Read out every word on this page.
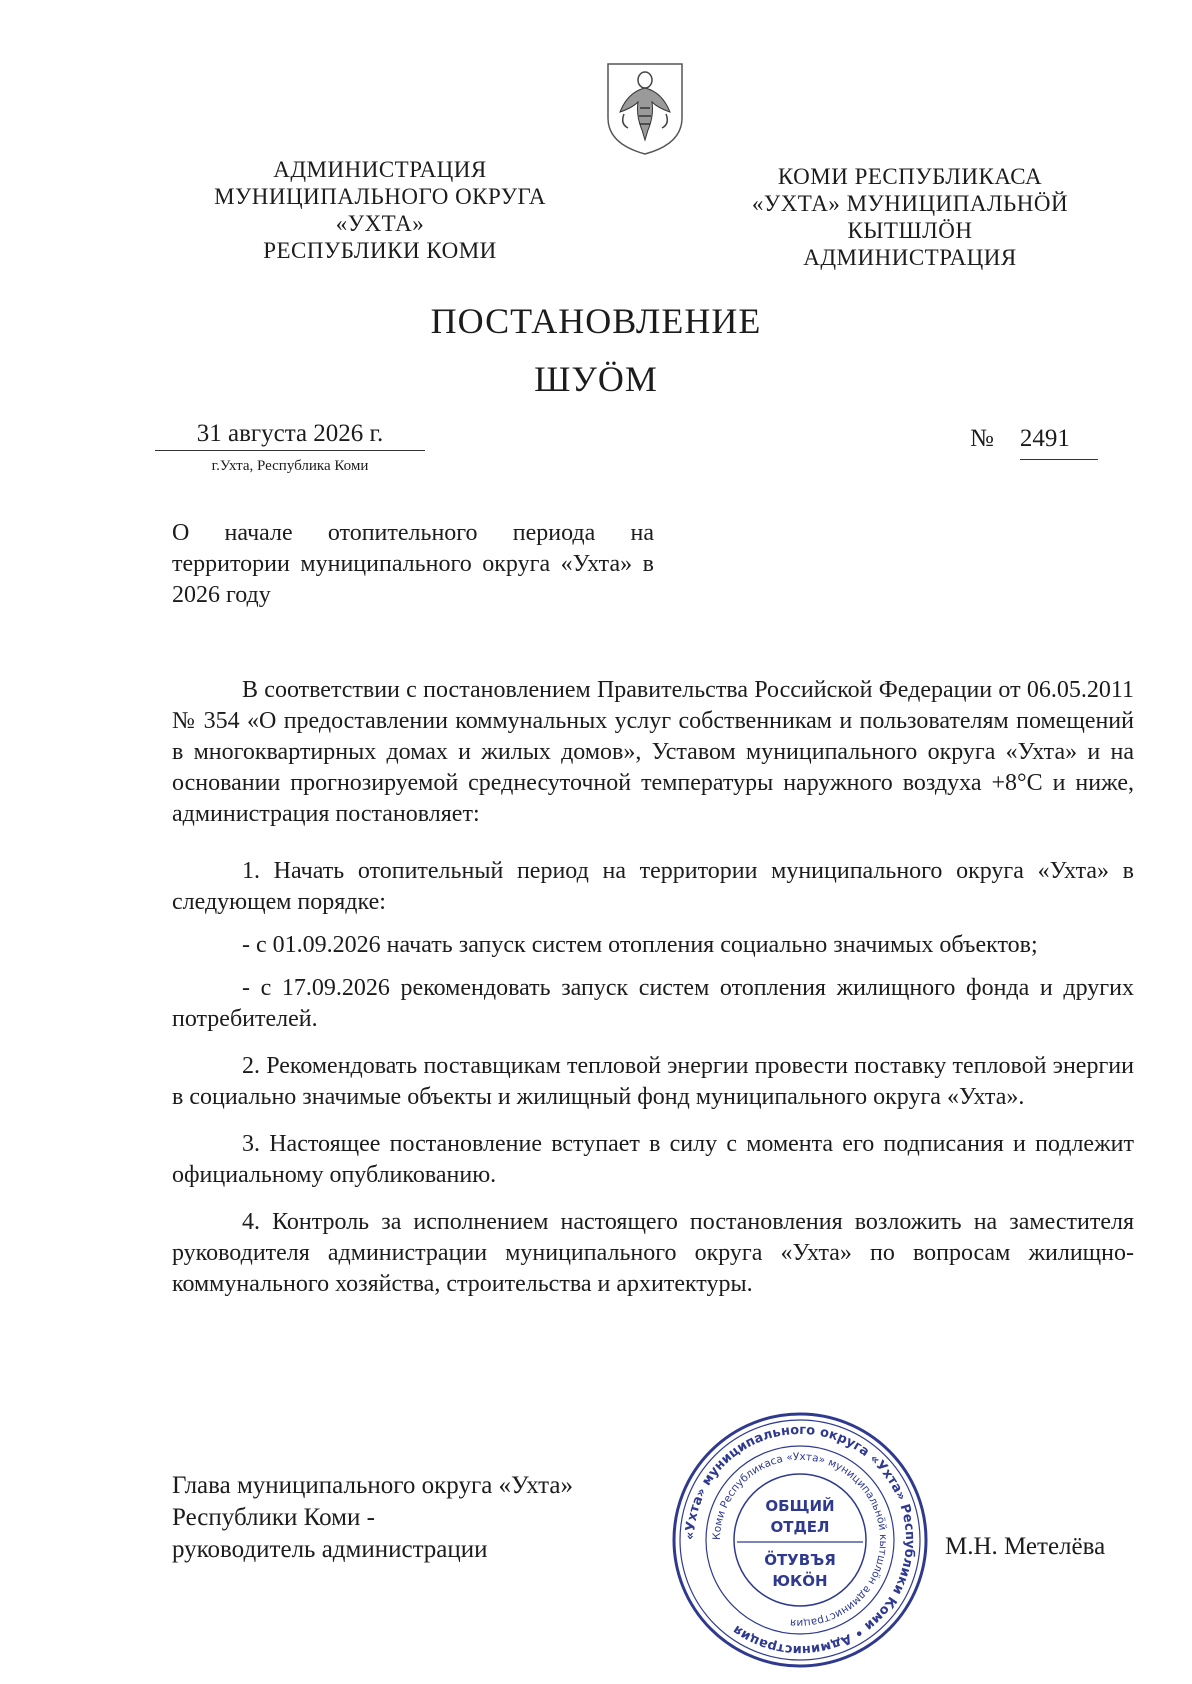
АДМИНИСТРАЦИЯ
МУНИЦИПАЛЬНОГО ОКРУГА
«УХТА»
РЕСПУБЛИКИ КОМИ
КОМИ РЕСПУБЛИКАСА
«УХТА» МУНИЦИПАЛЬНӦЙ
КЫТШЛӦН
АДМИНИСТРАЦИЯ
ПОСТАНОВЛЕНИЕ
ШУӦМ
31 августа 2026 г.
г.Ухта, Республика Коми
№ 2491
О начале отопительного периода на территории муниципального округа «Ухта» в 2026 году

В соответствии с постановлением Правительства Российской Федерации от 06.05.2011 № 354 «О предоставлении коммунальных услуг собственникам и пользователям помещений в многоквартирных домах и жилых домов», Уставом муниципального округа «Ухта» и на основании прогнозируемой среднесуточной температуры наружного воздуха +8°С и ниже, администрация постановляет:

1. Начать отопительный период на территории муниципального округа «Ухта» в следующем порядке:

- с 01.09.2026 начать запуск систем отопления социально значимых объектов;

- с 17.09.2026 рекомендовать запуск систем отопления жилищного фонда и других потребителей.

2. Рекомендовать поставщикам тепловой энергии провести поставку тепловой энергии в социально значимые объекты и жилищный фонд муниципального округа «Ухта».

3. Настоящее постановление вступает в силу с момента его подписания и подлежит официальному опубликованию.

4. Контроль за исполнением настоящего постановления возложить на заместителя руководителя администрации муниципального округа «Ухта» по вопросам жилищно-коммунального хозяйства, строительства и архитектуры.

Глава муниципального округа «Ухта»
Республики Коми -
руководитель администрации	М.Н. Метелёва
«Ухта» муниципального округа «Ухта» Республики Коми • Администрация
Коми Республикаса «Ухта» муниципальнӧй кытшлӧн администрация
ОБЩИЙ
ОТДЕЛ
ӦТУВЪЯ
ЮКӦН
